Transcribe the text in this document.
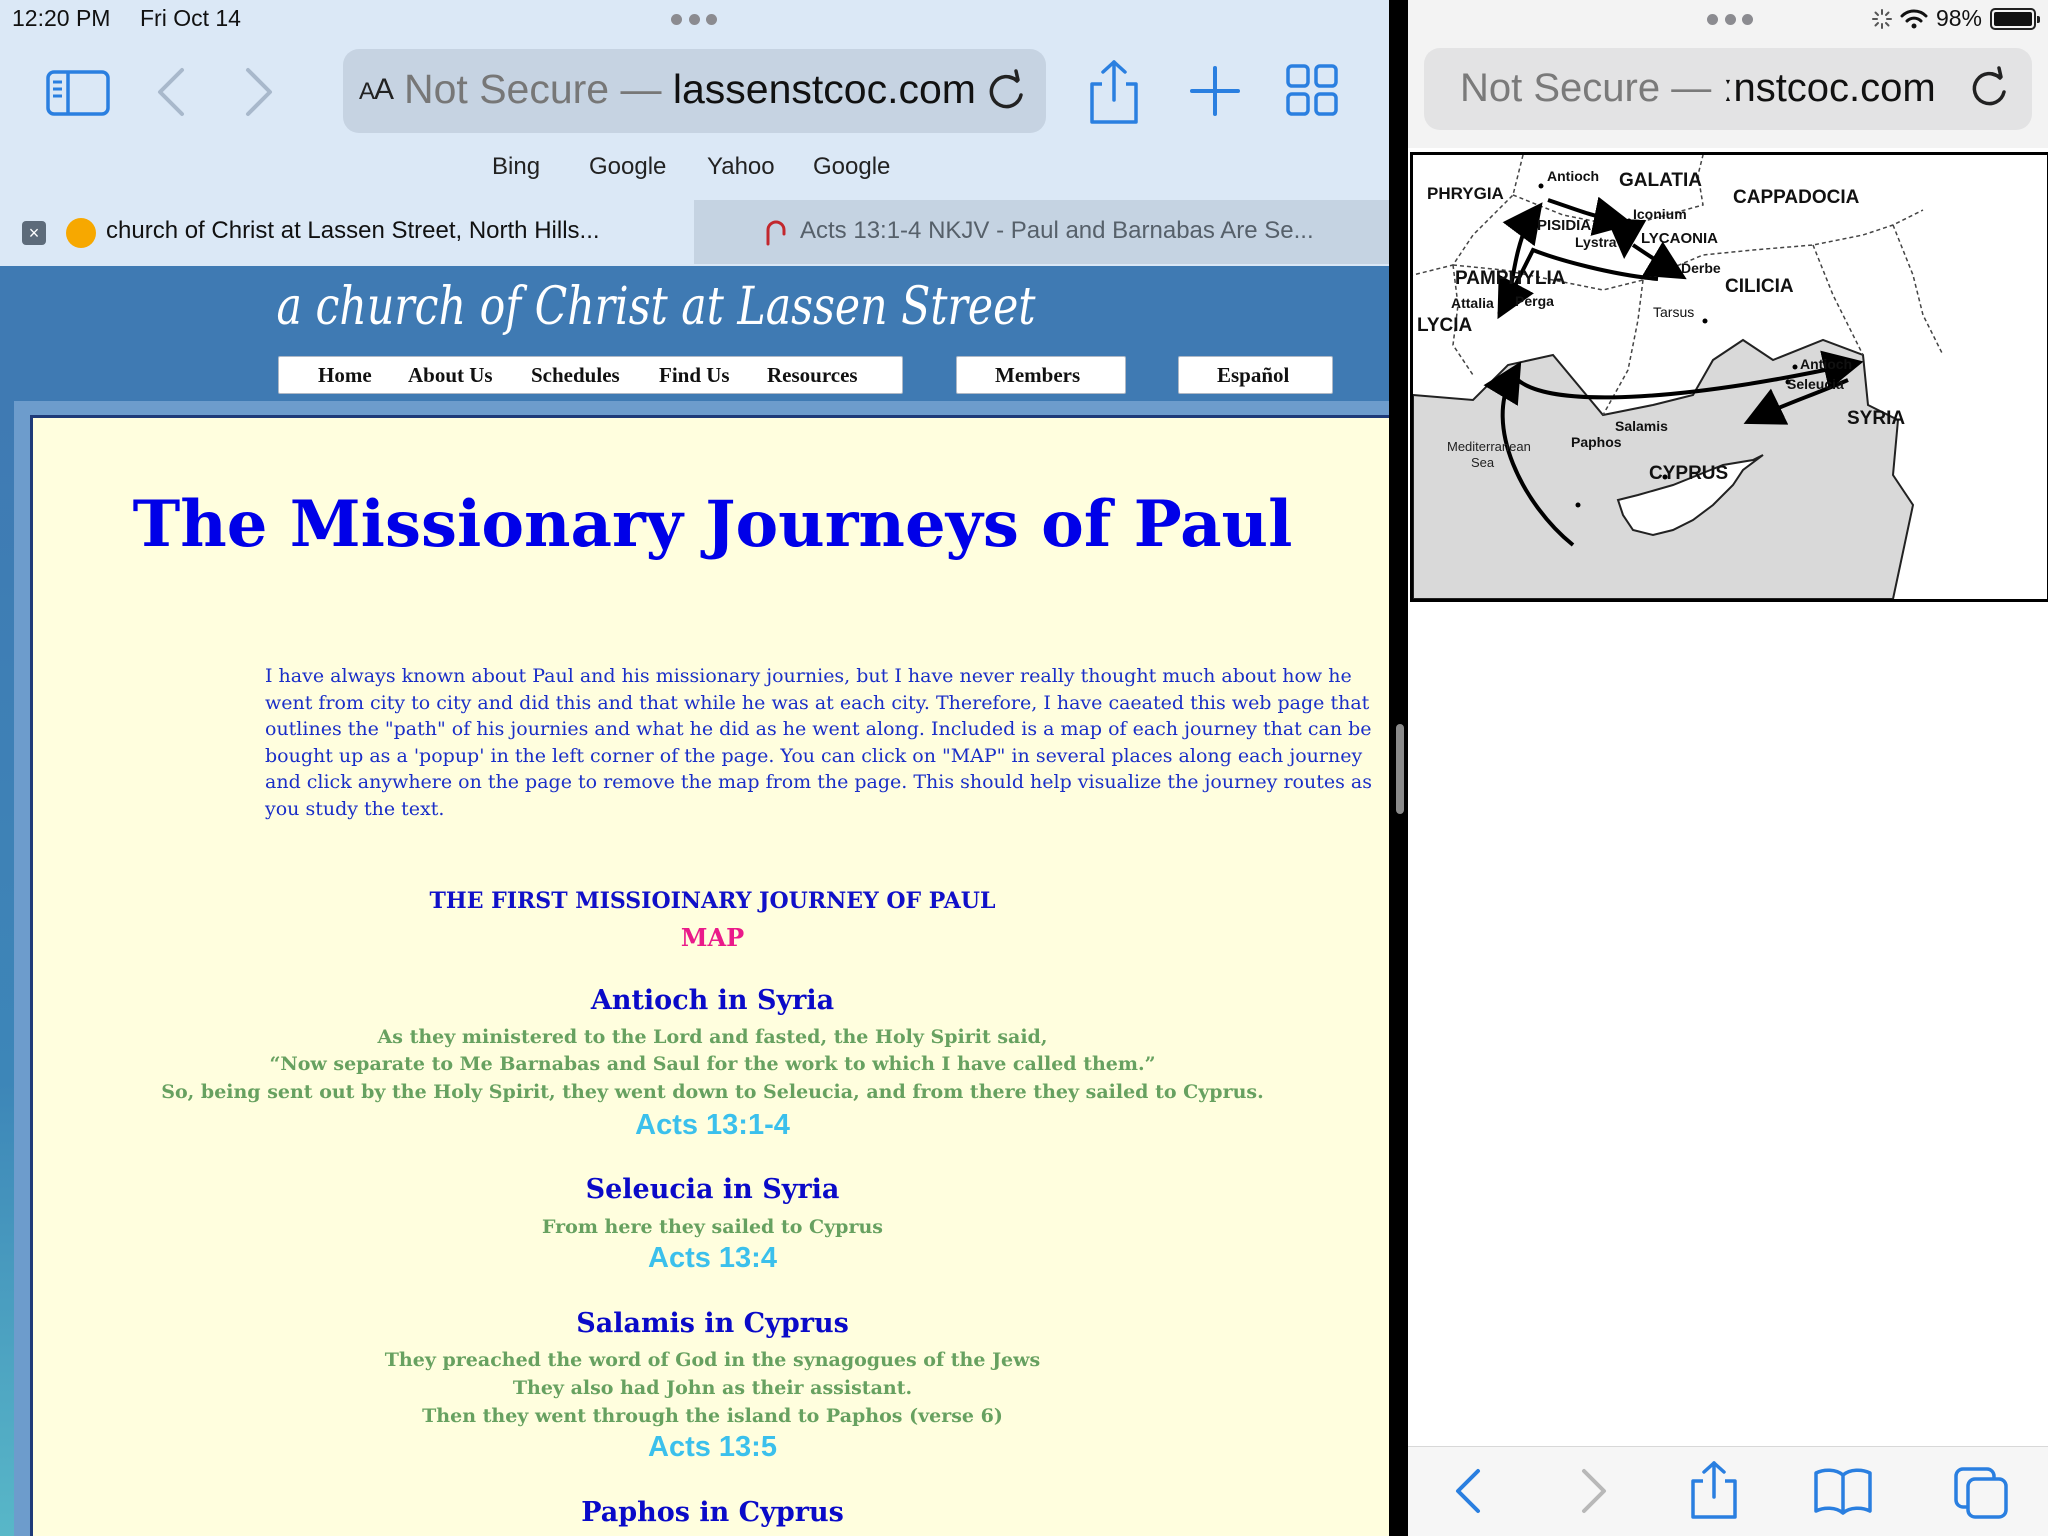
12:20 PM Fri Oct 14
AA Not Secure — lassenstcoc.com
Bing Google Yahoo Google
×	church of Christ at Lassen Street, North Hills...	Acts 13:1-4 NKJV - Paul and Barnabas Are Se...
a church of Christ at Lassen Street
Home About Us Schedules Find Us Resources	Members	Español
The Missionary Journeys of Paul
I have always known about Paul and his missionary journies, but I have never really thought much about how he went from city to city and did this and that while he was at each city. Therefore, I have caeated this web page that outlines the "path" of his journies and what he did as he went along. Included is a map of each journey that can be bought up as a 'popup' in the left corner of the page. You can click on "MAP" in several places along each journey and click anywhere on the page to remove the map from the page. This should help visualize the journey routes as you study the text.
THE FIRST MISSIOINARY JOURNEY OF PAUL
MAP
Antioch in Syria
As they ministered to the Lord and fasted, the Holy Spirit said,
“Now separate to Me Barnabas and Saul for the work to which I have called them.”
So, being sent out by the Holy Spirit, they went down to Seleucia, and from there they sailed to Cyprus.
Acts 13:1-4
Seleucia in Syria
From here they sailed to Cyprus
Acts 13:4
Salamis in Cyprus
They preached the word of God in the synagogues of the Jews
They also had John as their assistant.
Then they went through the island to Paphos (verse 6)
Acts 13:5
Paphos in Cyprus
98%
Not Secure — ːnstcoc.com
PHRYGIA
GALATIA
CAPPADOCIA
PISIDIA
LYCAONIA
PAMPHYLIA	CILICIA
LYCIA
SYRIA
CYPRUS
Antioch
Iconium
Lystra
Derbe
Attalia Perga
Tarsus
Antioch
Seleucia
Salamis
Paphos
Mediterranean
Sea
